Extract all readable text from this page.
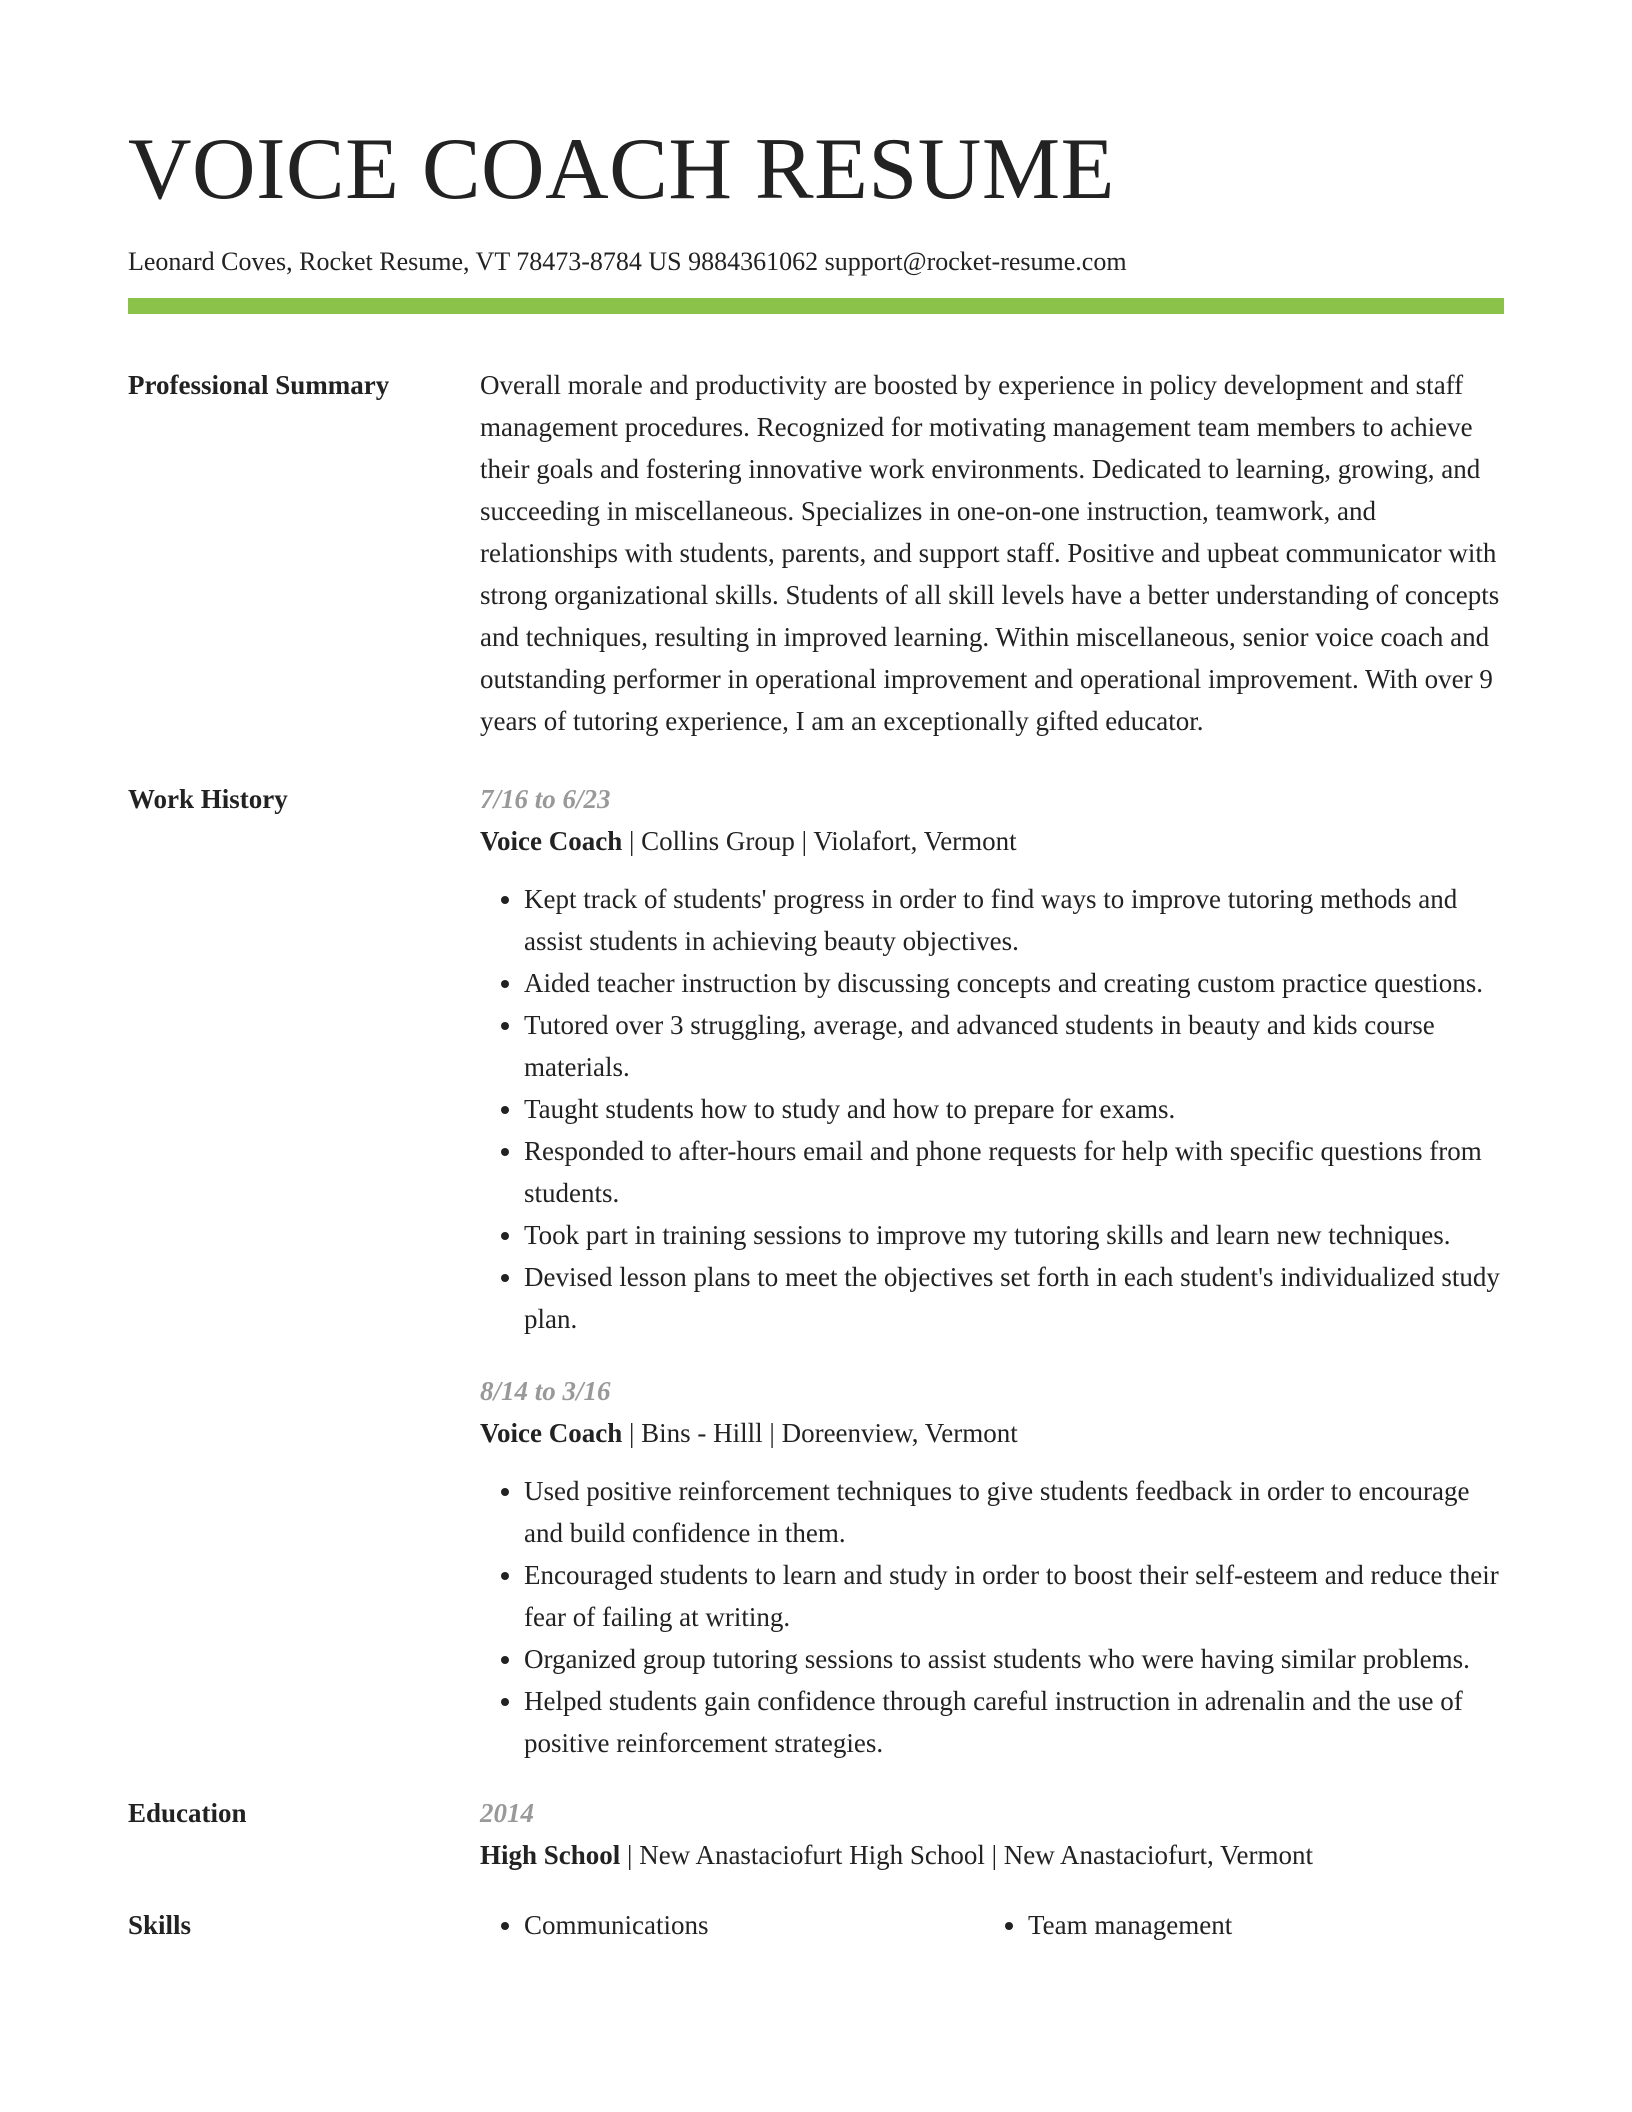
VOICE COACH RESUME
Leonard Coves, Rocket Resume, VT 78473-8784 US 9884361062 support@rocket-resume.com
Professional Summary	Overall morale and productivity are boosted by experience in policy development and staff management procedures. Recognized for motivating management team members to achieve their goals and fostering innovative work environments. Dedicated to learning, growing, and succeeding in miscellaneous. Specializes in one-on-one instruction, teamwork, and relationships with students, parents, and support staff. Positive and upbeat communicator with strong organizational skills. Students of all skill levels have a better understanding of concepts and techniques, resulting in improved learning. Within miscellaneous, senior voice coach and outstanding performer in operational improvement and operational improvement. With over 9 years of tutoring experience, I am an exceptionally gifted educator.
Work History	7/16 to 6/23
Voice Coach | Collins Group | Violafort, Vermont
• Kept track of students' progress in order to find ways to improve tutoring methods and assist students in achieving beauty objectives.
• Aided teacher instruction by discussing concepts and creating custom practice questions.
• Tutored over 3 struggling, average, and advanced students in beauty and kids course materials.
• Taught students how to study and how to prepare for exams.
• Responded to after-hours email and phone requests for help with specific questions from students.
• Took part in training sessions to improve my tutoring skills and learn new techniques.
• Devised lesson plans to meet the objectives set forth in each student's individualized study plan.
8/14 to 3/16
Voice Coach | Bins - Hilll | Doreenview, Vermont
• Used positive reinforcement techniques to give students feedback in order to encourage and build confidence in them.
• Encouraged students to learn and study in order to boost their self-esteem and reduce their fear of failing at writing.
• Organized group tutoring sessions to assist students who were having similar problems.
• Helped students gain confidence through careful instruction in adrenalin and the use of positive reinforcement strategies.
Education	2014
High School | New Anastaciofurt High School | New Anastaciofurt, Vermont
Skills	• Communications	• Team management
